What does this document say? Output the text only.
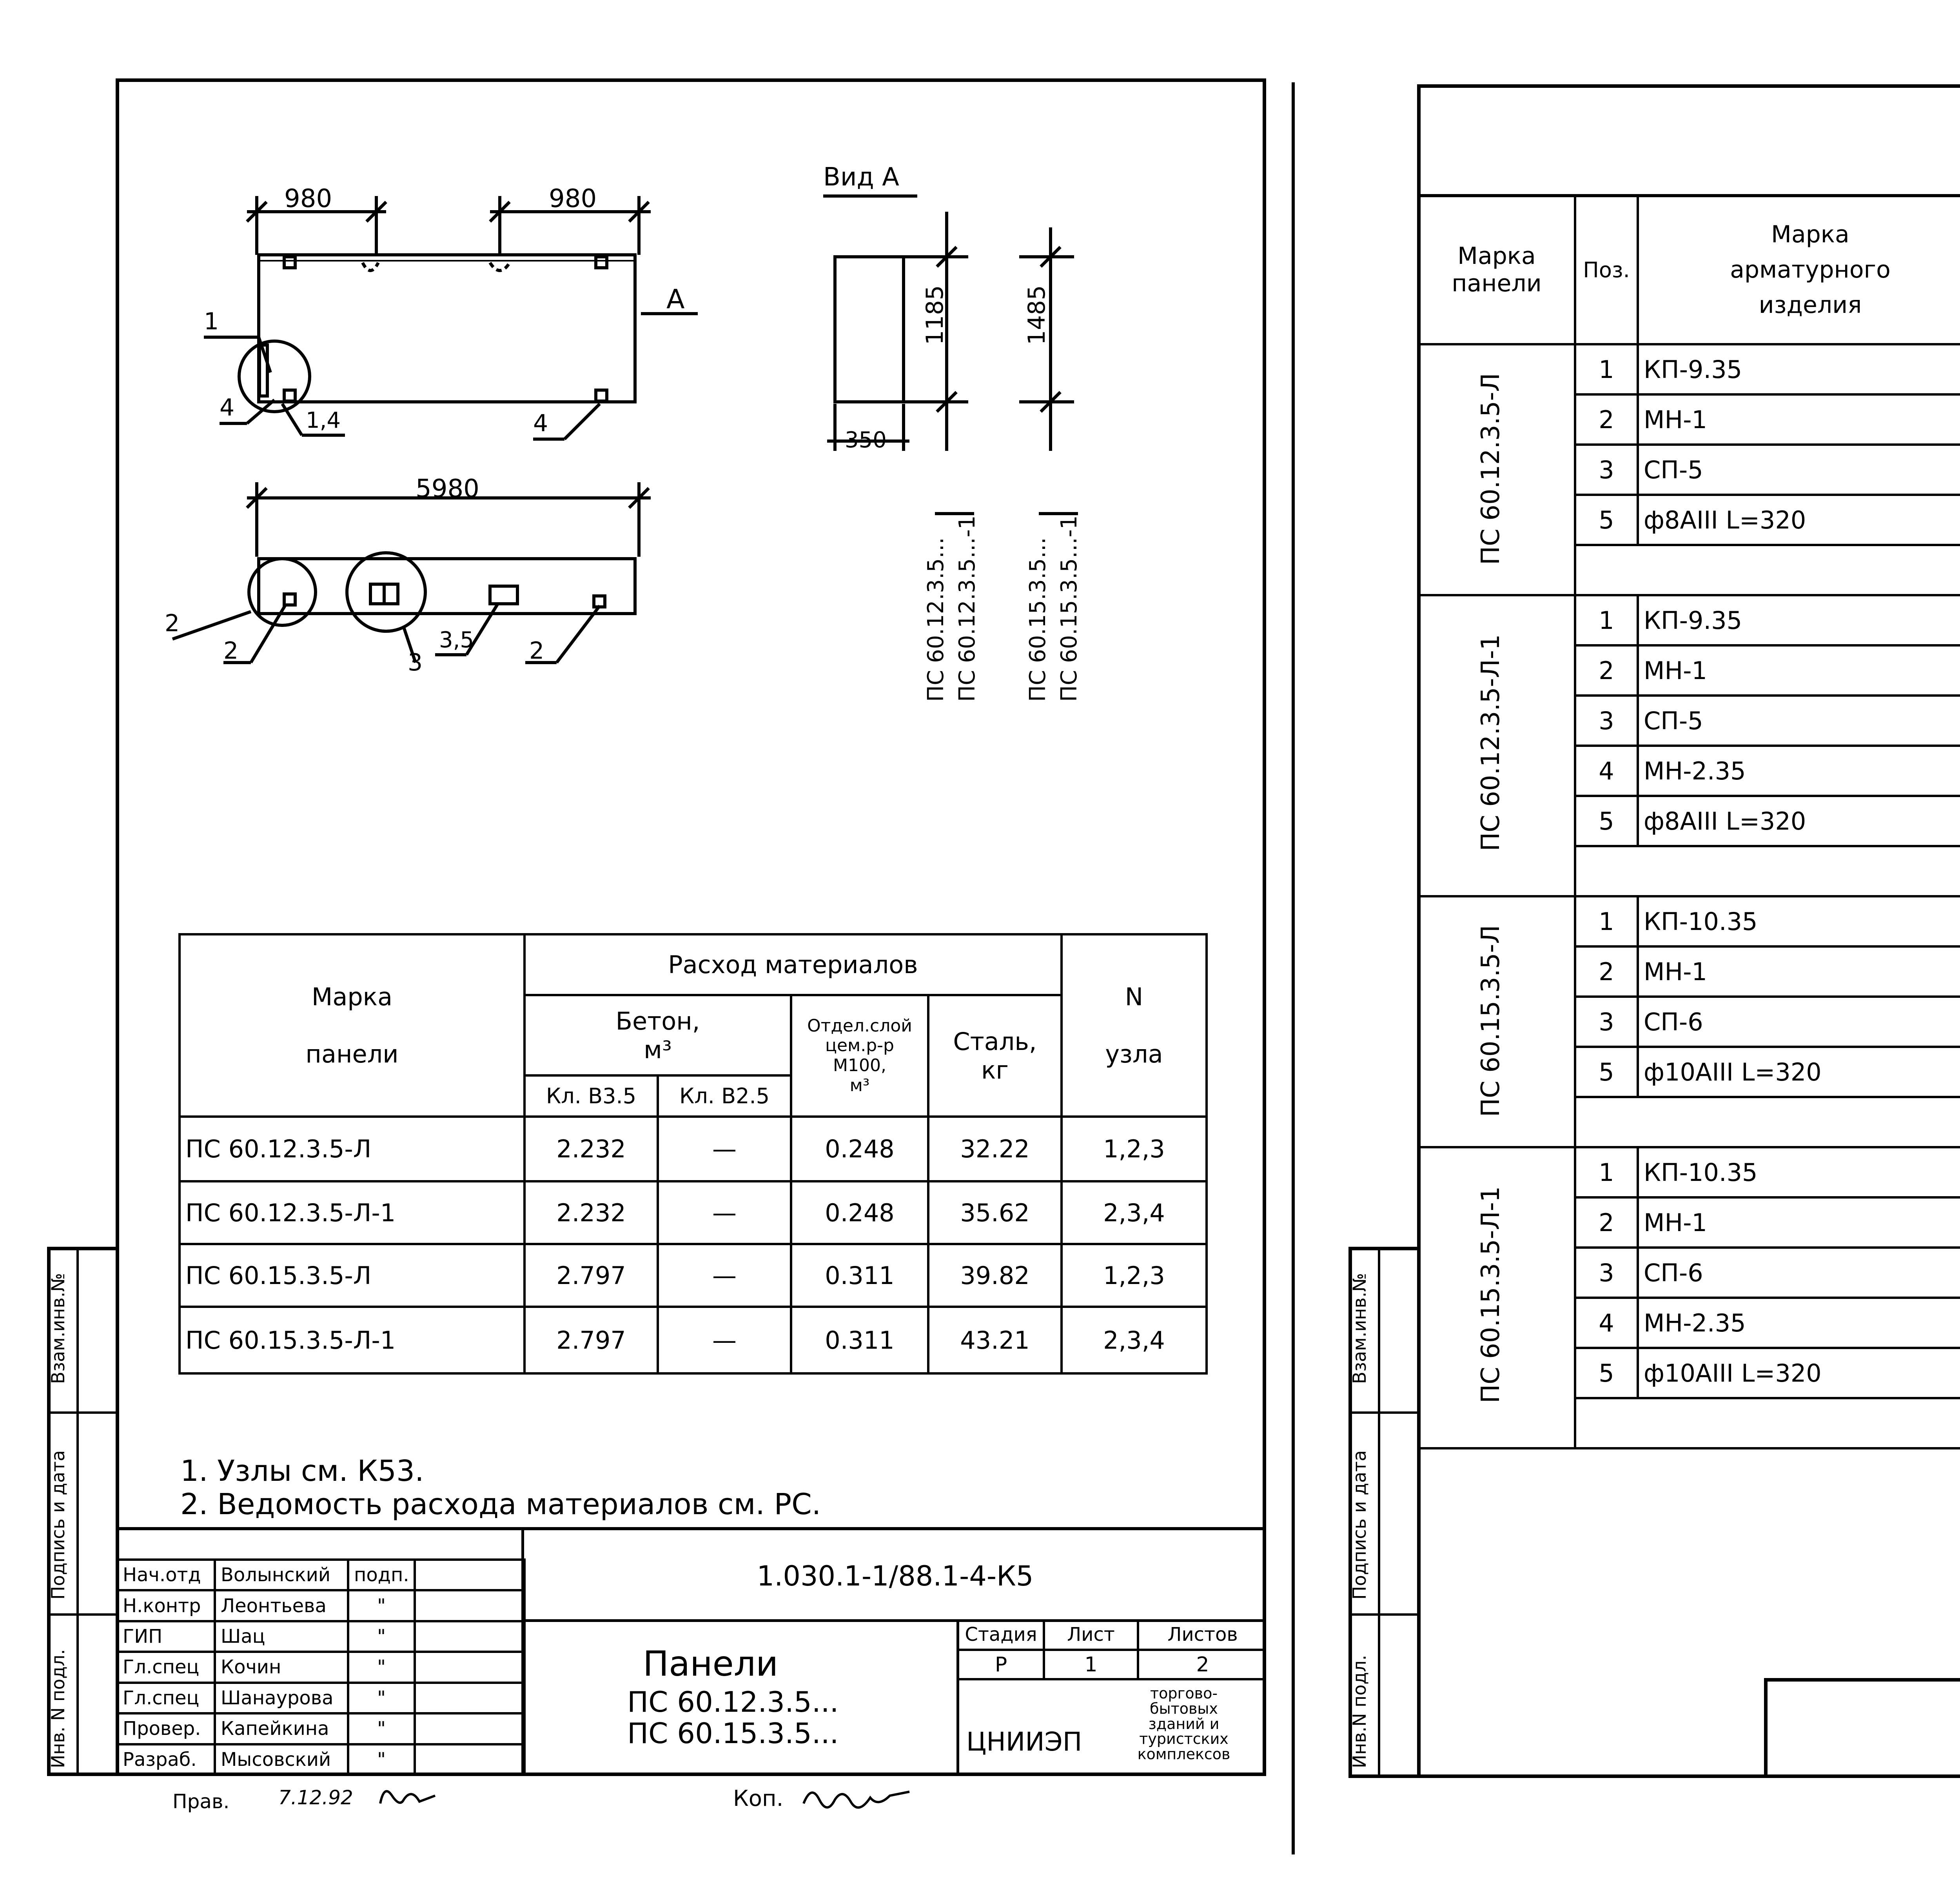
Взам.инв.№
Подпись и дата
Инв. N подл.
980	980
5980
А
1
4	1,4	4
2
2	3
3,5 2
Вид А
1185	1485
350
ПС 60.12.3.5... ПС 60.12.3.5...-1 ПС 60.15.3.5... ПС 60.15.3.5...-1
Марка

панели	Расход материалов				N

узла
	Бетон,
м³		Отдел.слой
цем.р-р
М100,
м³	Сталь,
кг	
	Кл. В3.5	Кл. В2.5			
ПС 60.12.3.5-Л	2.232	—	0.248	32.22	1,2,3
ПС 60.12.3.5-Л-1	2.232	—	0.248	35.62	2,3,4
ПС 60.15.3.5-Л	2.797	—	0.311	39.82	1,2,3
ПС 60.15.3.5-Л-1	2.797	—	0.311	43.21	2,3,4
1. Узлы см. К53.
2. Ведомость расхода материалов см. РС.
1.030.1-1/88.1-4-К5
Нач.отд	Волынский	подп.	
Н.контр	Леонтьева	"	
ГИП	Шац	"	
Гл.спец	Кочин	"	
Гл.спец	Шанаурова	"	
Провер.	Капейкина	"	
Разраб.	Мысовский	"	
Панели
ПС 60.12.3.5...
ПС 60.15.3.5...
Стадия	Лист	Листов
Р	1	2
ЦНИИЭП
торгово-
бытовых
зданий и
туристских
комплексов
Прав. 7.12.92	Коп.
Взам.инв.№
Подпись и дата
Инв.N подл.
Марка
панели	Поз.	Марка
арматурного
изделия			

ПС 60.12.3.5-Л	1	КП-9.35				
	2	МН-1				
	3	СП-5				
	5	ф8АIII L=320				

ПС 60.12.3.5-Л-1	1	КП-9.35				
	2	МН-1				
	3	СП-5				
	4	МН-2.35				
	5	ф8АIII L=320				

ПС 60.15.3.5-Л	1	КП-10.35				
	2	МН-1				
	3	СП-6				
	5	ф10АIII L=320				

ПС 60.15.3.5-Л-1	1	КП-10.35				
	2	МН-1				
	3	СП-6				
	4	МН-2.35				
	5	ф10АIII L=320				
